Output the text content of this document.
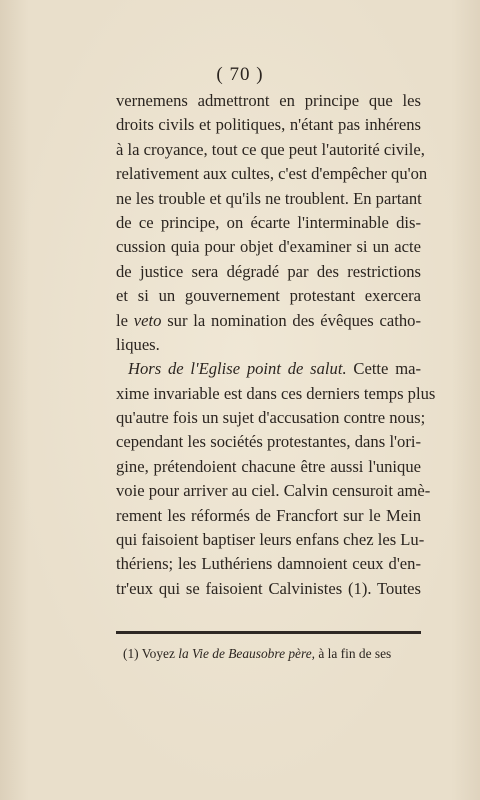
( 70 )
vernemens admettront en principe que les
droits civils et politiques, n'étant pas inhérens
à la croyance, tout ce que peut l'autorité civile,
relativement aux cultes, c'est d'empêcher qu'on
ne les trouble et qu'ils ne troublent. En partant
de ce principe, on écarte l'interminable dis-
cussion quia pour objet d'examiner si un acte
de justice sera dégradé par des restrictions
et si un gouvernement protestant exercera
le veto sur la nomination des évêques catho-
liques.
Hors de l'Eglise point de salut. Cette ma-
xime invariable est dans ces derniers temps plus
qu'autre fois un sujet d'accusation contre nous;
cependant les sociétés protestantes, dans l'ori-
gine, prétendoient chacune être aussi l'unique
voie pour arriver au ciel. Calvin censuroit amè-
rement les réformés de Francfort sur le Mein
qui faisoient baptiser leurs enfans chez les Lu-
thériens; les Luthériens damnoient ceux d'en-
tr'eux qui se faisoient Calvinistes (1). Toutes
(1) Voyez la Vie de Beausobre père, à la fin de ses
